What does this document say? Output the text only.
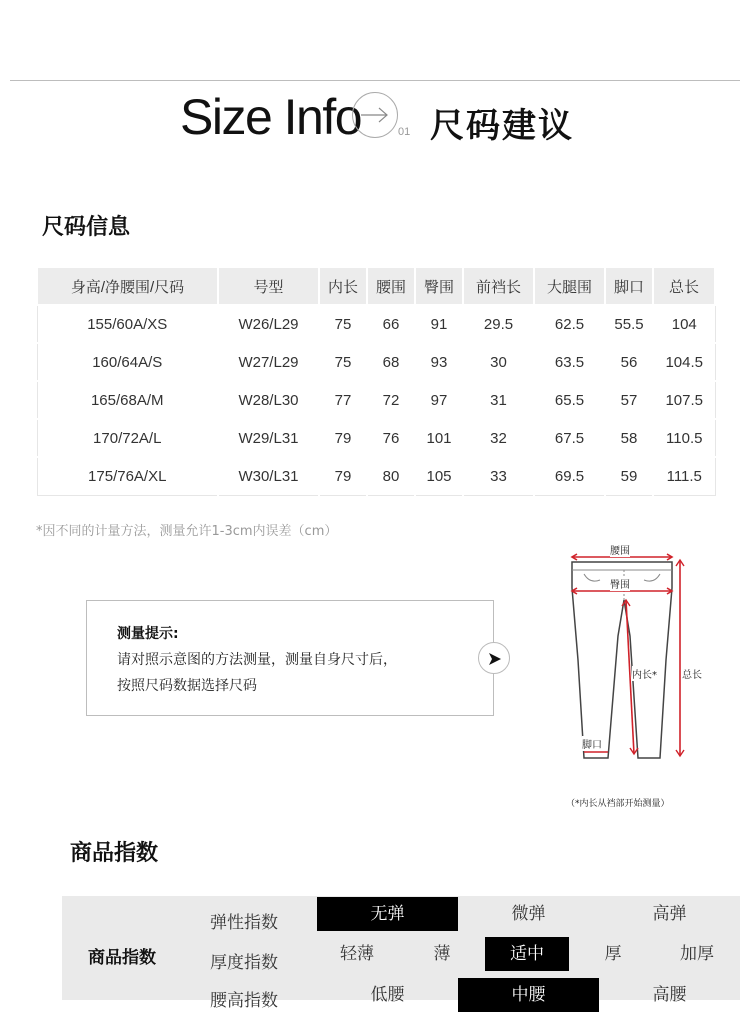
Size Info	01 尺码建议
尺码信息
身高/净腰围/尺码	号型	内长	腰围	臀围	前裆长	大腿围	脚口	总长
155/60A/XS	W26/L29	75	66	91	29.5	62.5	55.5	104
160/64A/S	W27/L29	75	68	93	30	63.5	56	104.5
165/68A/M	W28/L30	77	72	97	31	65.5	57	107.5
170/72A/L	W29/L31	79	76	101	32	67.5	58	110.5
175/76A/XL	W30/L31	79	80	105	33	69.5	59	111.5
*因不同的计量方法，测量允许1-3cm内误差（cm）
测量提示:
请对照示意图的方法测量，测量自身尺寸后，
按照尺码数据选择尺码
腰围
臀围
内长*	总长
脚口
（*内长从裆部开始测量）
商品指数
商品指数
弹性指数	无弹	微弹	高弹
厚度指数	轻薄	薄	适中	厚	加厚
腰高指数	低腰	中腰	高腰
